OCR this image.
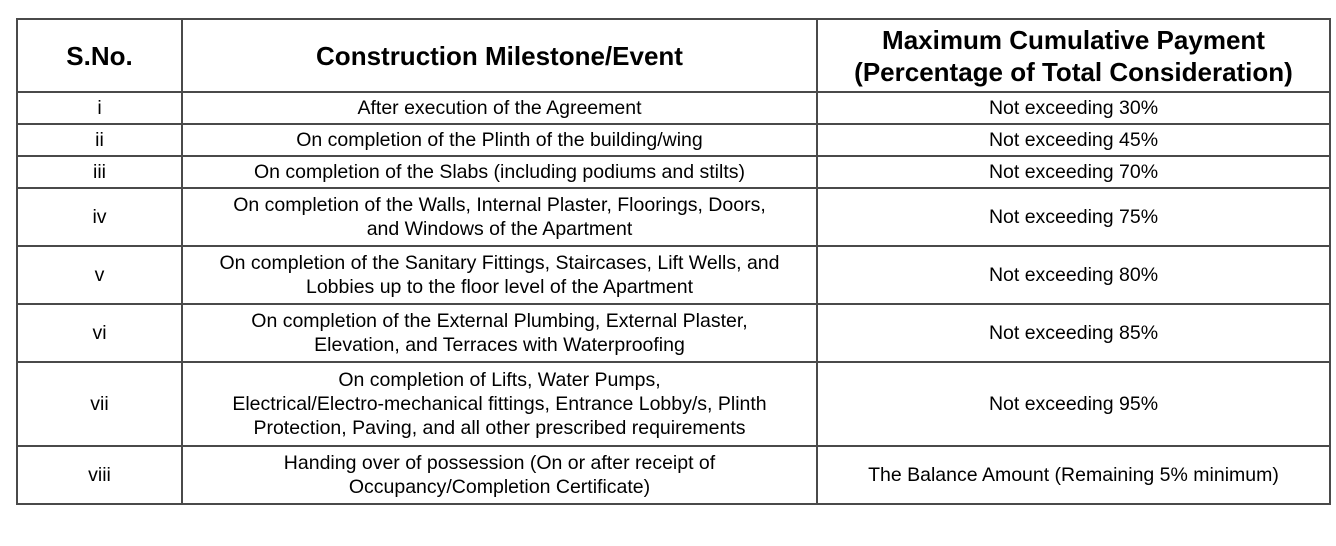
S.No.	Construction Milestone/Event	Maximum Cumulative Payment
(Percentage of Total Consideration)

i	After execution of the Agreement	Not exceeding 30%
ii	On completion of the Plinth of the building/wing	Not exceeding 45%
iii	On completion of the Slabs (including podiums and stilts)	Not exceeding 70%
iv	On completion of the Walls, Internal Plaster, Floorings, Doors,
and Windows of the Apartment	Not exceeding 75%
v	On completion of the Sanitary Fittings, Staircases, Lift Wells, and
Lobbies up to the floor level of the Apartment	Not exceeding 80%
vi	On completion of the External Plumbing, External Plaster,
Elevation, and Terraces with Waterproofing	Not exceeding 85%
vii	On completion of Lifts, Water Pumps,
Electrical/Electro-mechanical fittings, Entrance Lobby/s, Plinth
Protection, Paving, and all other prescribed requirements	Not exceeding 95%
viii	Handing over of possession (On or after receipt of
Occupancy/Completion Certificate)	The Balance Amount (Remaining 5% minimum)
